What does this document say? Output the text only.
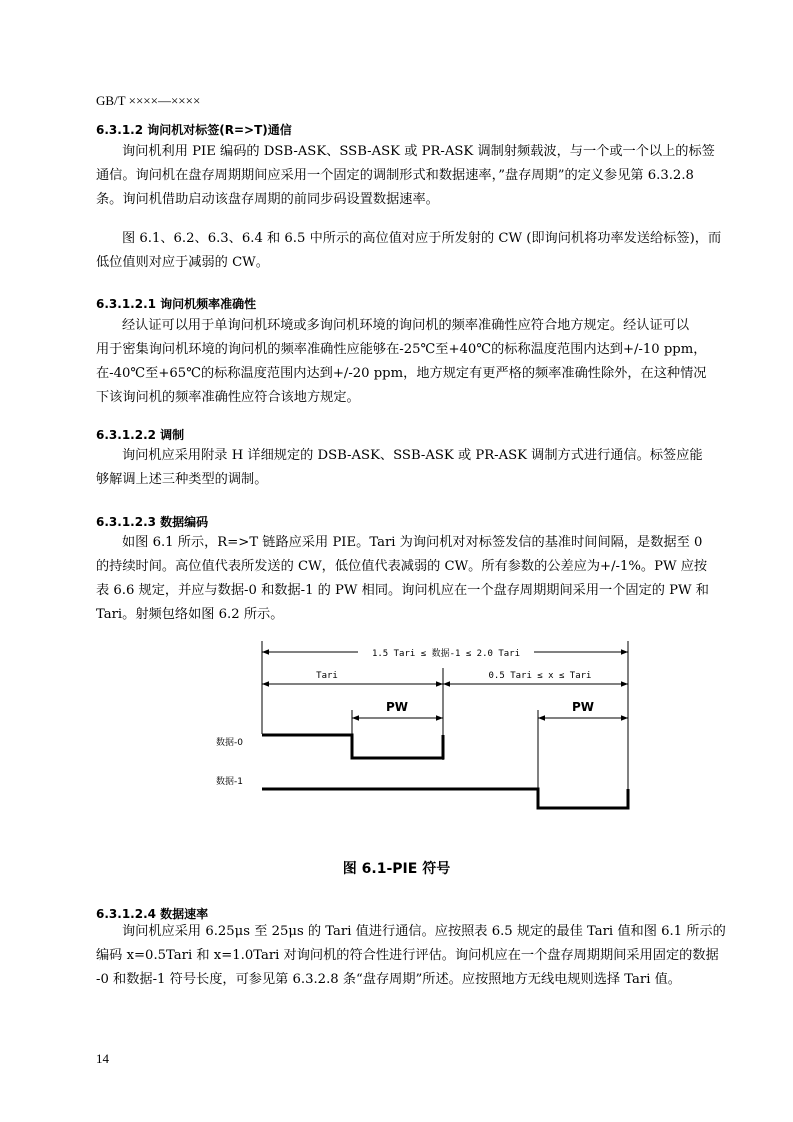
GB/T ××××—××××
6.3.1.2 询问机对标签(R=>T)通信
询问机利用 PIE 编码的 DSB-ASK、SSB-ASK 或 PR-ASK 调制射频载波，与一个或一个以上的标签
通信。询问机在盘存周期期间应采用一个固定的调制形式和数据速率，”盘存周期”的定义参见第 6.3.2.8
条。询问机借助启动该盘存周期的前同步码设置数据速率。
图 6.1、6.2、6.3、6.4 和 6.5 中所示的高位值对应于所发射的 CW (即询问机将功率发送给标签)，而
低位值则对应于减弱的 CW。
6.3.1.2.1 询问机频率准确性
经认证可以用于单询问机环境或多询问机环境的询问机的频率准确性应符合地方规定。经认证可以
用于密集询问机环境的询问机的频率准确性应能够在-25℃至+40℃的标称温度范围内达到+/-10 ppm，
在-40℃至+65℃的标称温度范围内达到+/-20 ppm，地方规定有更严格的频率准确性除外，在这种情况
下该询问机的频率准确性应符合该地方规定。
6.3.1.2.2 调制
询问机应采用附录 H 详细规定的 DSB-ASK、SSB-ASK 或 PR-ASK 调制方式进行通信。标签应能
够解调上述三种类型的调制。
6.3.1.2.3 数据编码
如图 6.1 所示，R=>T 链路应采用 PIE。Tari 为询问机对对标签发信的基准时间间隔，是数据至 0
的持续时间。高位值代表所发送的 CW，低位值代表减弱的 CW。所有参数的公差应为+/-1%。PW 应按
表 6.6 规定，并应与数据-0 和数据-1 的 PW 相同。询问机应在一个盘存周期期间采用一个固定的 PW 和
Tari。射频包络如图 6.2 所示。
1.5 Tari ≤ 数据-1 ≤ 2.0 Tari
Tari	0.5 Tari ≤ x ≤ Tari
PW	PW
数据-0
数据-1
图 6.1-PIE 符号
6.3.1.2.4 数据速率
询问机应采用 6.25μs 至 25μs 的 Tari 值进行通信。应按照表 6.5 规定的最佳 Tari 值和图 6.1 所示的
编码 x=0.5Tari 和 x=1.0Tari 对询问机的符合性进行评估。询问机应在一个盘存周期期间采用固定的数据
-0 和数据-1 符号长度，可参见第 6.3.2.8 条“盘存周期”所述。应按照地方无线电规则选择 Tari 值。
14
